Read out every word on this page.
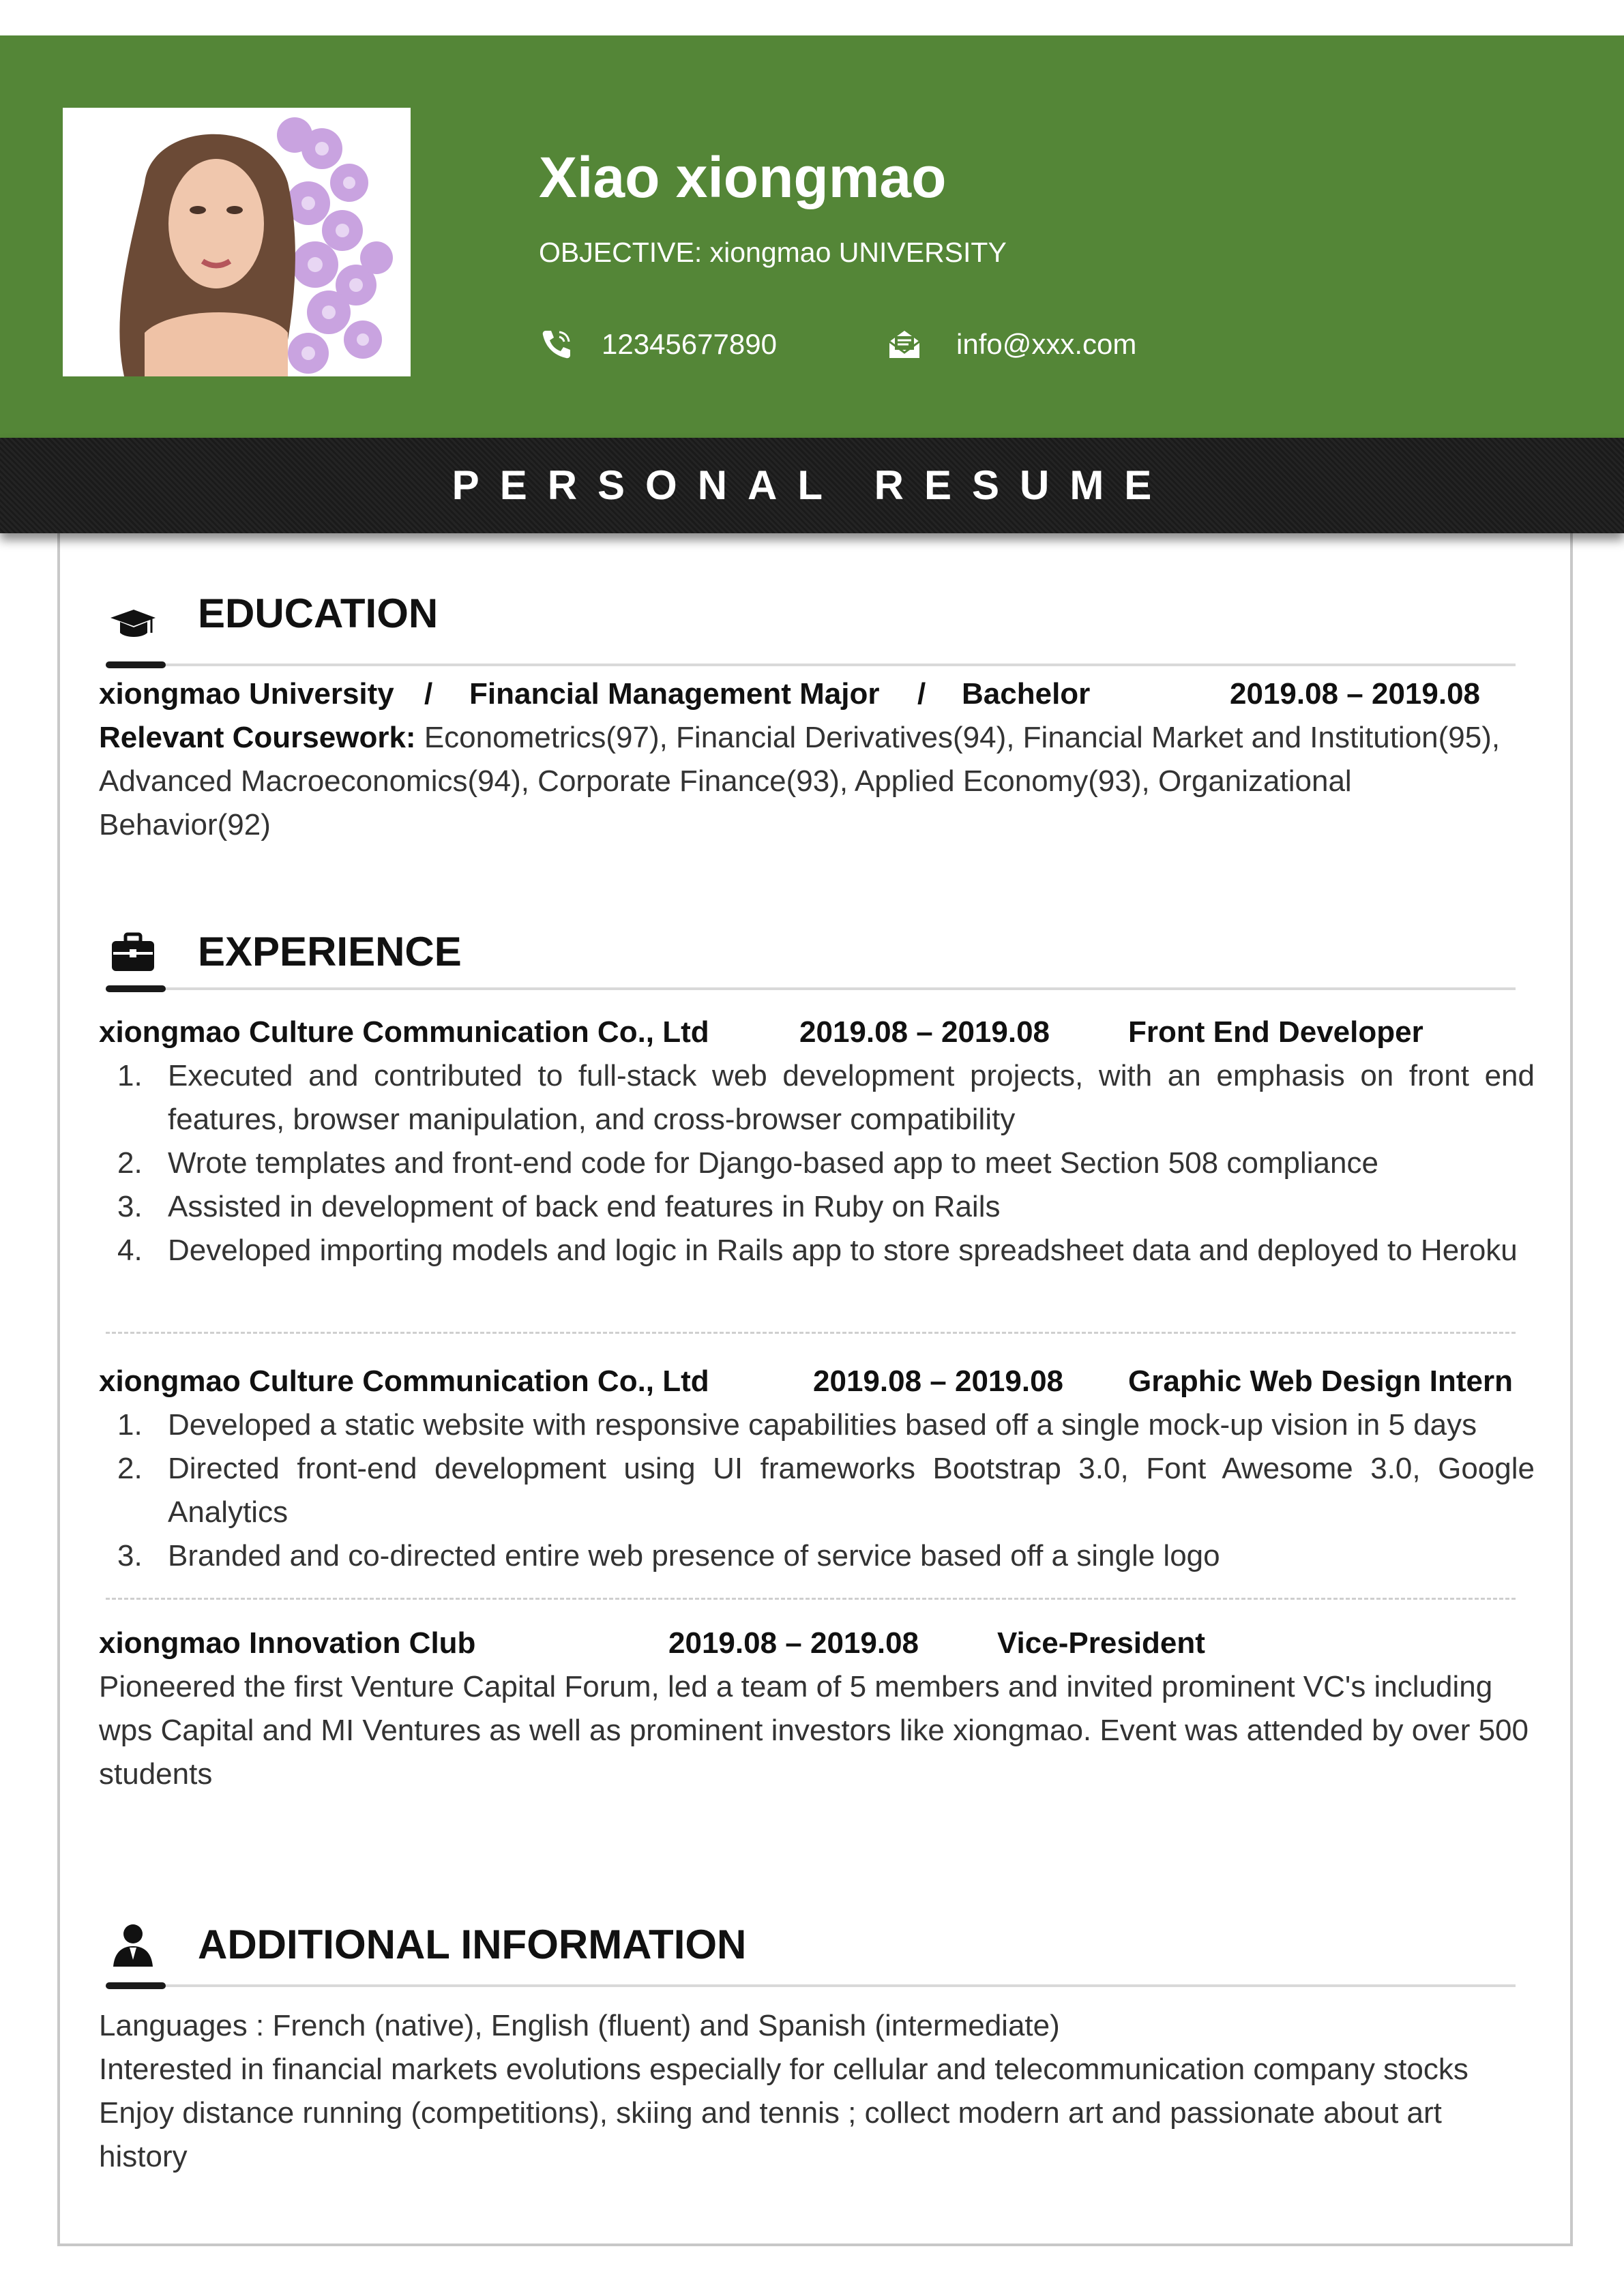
Xiao xiongmao
OBJECTIVE: xiongmao UNIVERSITY
12345677890	info@xxx.com
PERSONAL RESUME
EDUCATION
xiongmao University / Financial Management Major / Bachelor	2019.08 – 2019.08
Relevant Coursework: Econometrics(97), Financial Derivatives(94), Financial Market and Institution(95),
Advanced Macroeconomics(94), Corporate Finance(93), Applied Economy(93), Organizational
Behavior(92)
EXPERIENCE
xiongmao Culture Communication Co., Ltd	2019.08 – 2019.08	Front End Developer
1. Executed and contributed to full-stack web development projects, with an emphasis on front end features, browser manipulation, and cross-browser compatibility
2. Wrote templates and front-end code for Django-based app to meet Section 508 compliance
3. Assisted in development of back end features in Ruby on Rails
4. Developed importing models and logic in Rails app to store spreadsheet data and deployed to Heroku
xiongmao Culture Communication Co., Ltd	2019.08 – 2019.08 Graphic Web Design Intern
1. Developed a static website with responsive capabilities based off a single mock-up vision in 5 days
2. Directed front-end development using UI frameworks Bootstrap 3.0, Font Awesome 3.0, Google Analytics
3. Branded and co-directed entire web presence of service based off a single logo
xiongmao Innovation Club	2019.08 – 2019.08	Vice-President
Pioneered the first Venture Capital Forum, led a team of 5 members and invited prominent VC's including wps Capital and MI Ventures as well as prominent investors like xiongmao. Event was attended by over 500 students
ADDITIONAL INFORMATION
Languages : French (native), English (fluent) and Spanish (intermediate)
Interested in financial markets evolutions especially for cellular and telecommunication company stocks
Enjoy distance running (competitions), skiing and tennis ; collect modern art and passionate about art history
